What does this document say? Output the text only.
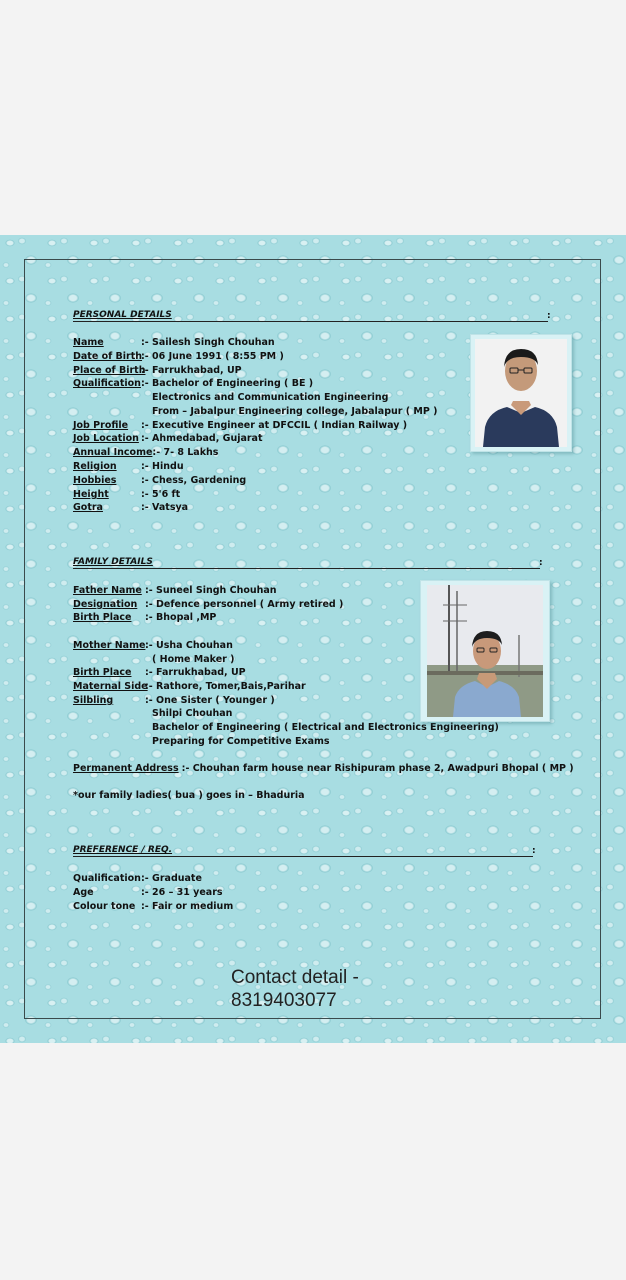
PERSONAL DETAILS	:
Name	:- Sailesh Singh Chouhan
Date of Birth:- 06 June 1991 ( 8:55 PM )
Place of Birth:- Farrukhabad, UP
Qualification:- Bachelor of Engineering ( BE )
Electronics and Communication Engineering
From – Jabalpur Engineering college, Jabalapur ( MP )
Job Profile :- Executive Engineer at DFCCIL ( Indian Railway )
Job Location :- Ahmedabad, Gujarat
Annual Income:- 7- 8 Lakhs
Religion	:- Hindu
Hobbies	:- Chess, Gardening
Height	:- 5'6 ft
Gotra	:- Vatsya
FAMILY DETAILS	:
Father Name :- Suneel Singh Chouhan
Designation :- Defence personnel ( Army retired )
Birth Place :- Bhopal ,MP
Mother Name:- Usha Chouhan
( Home Maker )
Birth Place :- Farrukhabad, UP
Maternal Side:- Rathore, Tomer,Bais,Parihar
Silbling	:- One Sister ( Younger )
Shilpi Chouhan
Bachelor of Engineering ( Electrical and Electronics Engineering)
Preparing for Competitive Exams
Permanent Address :- Chouhan farm house near Rishipuram phase 2, Awadpuri Bhopal ( MP )
*our family ladies( bua ) goes in – Bhaduria
PREFERENCE / REQ.	:
Qualification:- Graduate
Age	:- 26 – 31 years
Colour tone :- Fair or medium
Contact detail -
8319403077
